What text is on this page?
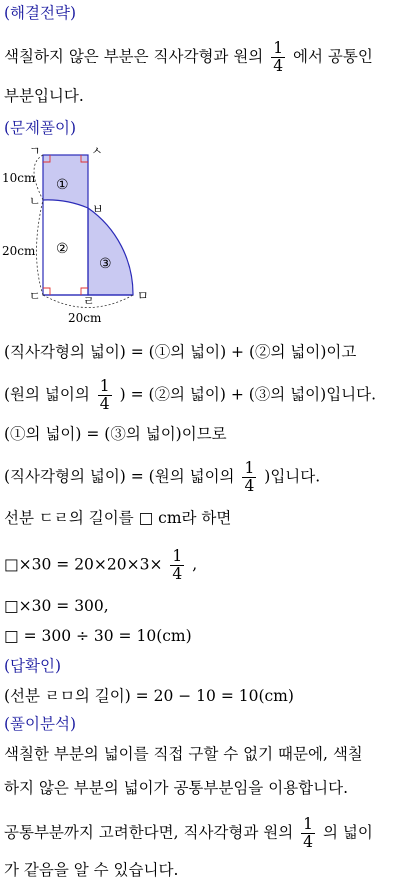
(해결전략)
색칠하지 않은 부분은 직사각형과 원의 $\frac{1}{4}$ 에서 공통인
부분입니다.
(문제풀이)
ㄱ	ㅅ
ㄴ
ㅂ
ㄷ	ㄹ	ㅁ
①
②
③
10cm
20cm
20cm
(직사각형의 넓이) = (①의 넓이) + (②의 넓이)이고
(원의 넓이의 $\frac{1}{4}$ ) = (②의 넓이) + (③의 넓이)입니다.
(①의 넓이) = (③의 넓이)이므로
(직사각형의 넓이) = (원의 넓이의 $\frac{1}{4}$ )입니다.
선분 ㄷㄹ의 길이를 □ cm라 하면
□×30 = $20\times 20\times 3\times \frac{1}{4}$ ,
□×30 = 300,
□ = 300 ÷ 30 = 10(cm)
(답확인)
(선분 ㄹㅁ의 길이) = 20 − 10 = 10(cm)
(풀이분석)
색칠한 부분의 넓이를 직접 구할 수 없기 때문에, 색칠
하지 않은 부분의 넓이가 공통부분임을 이용합니다.
공통부분까지 고려한다면, 직사각형과 원의 $\frac{1}{4}$ 의 넓이
가 같음을 알 수 있습니다.
